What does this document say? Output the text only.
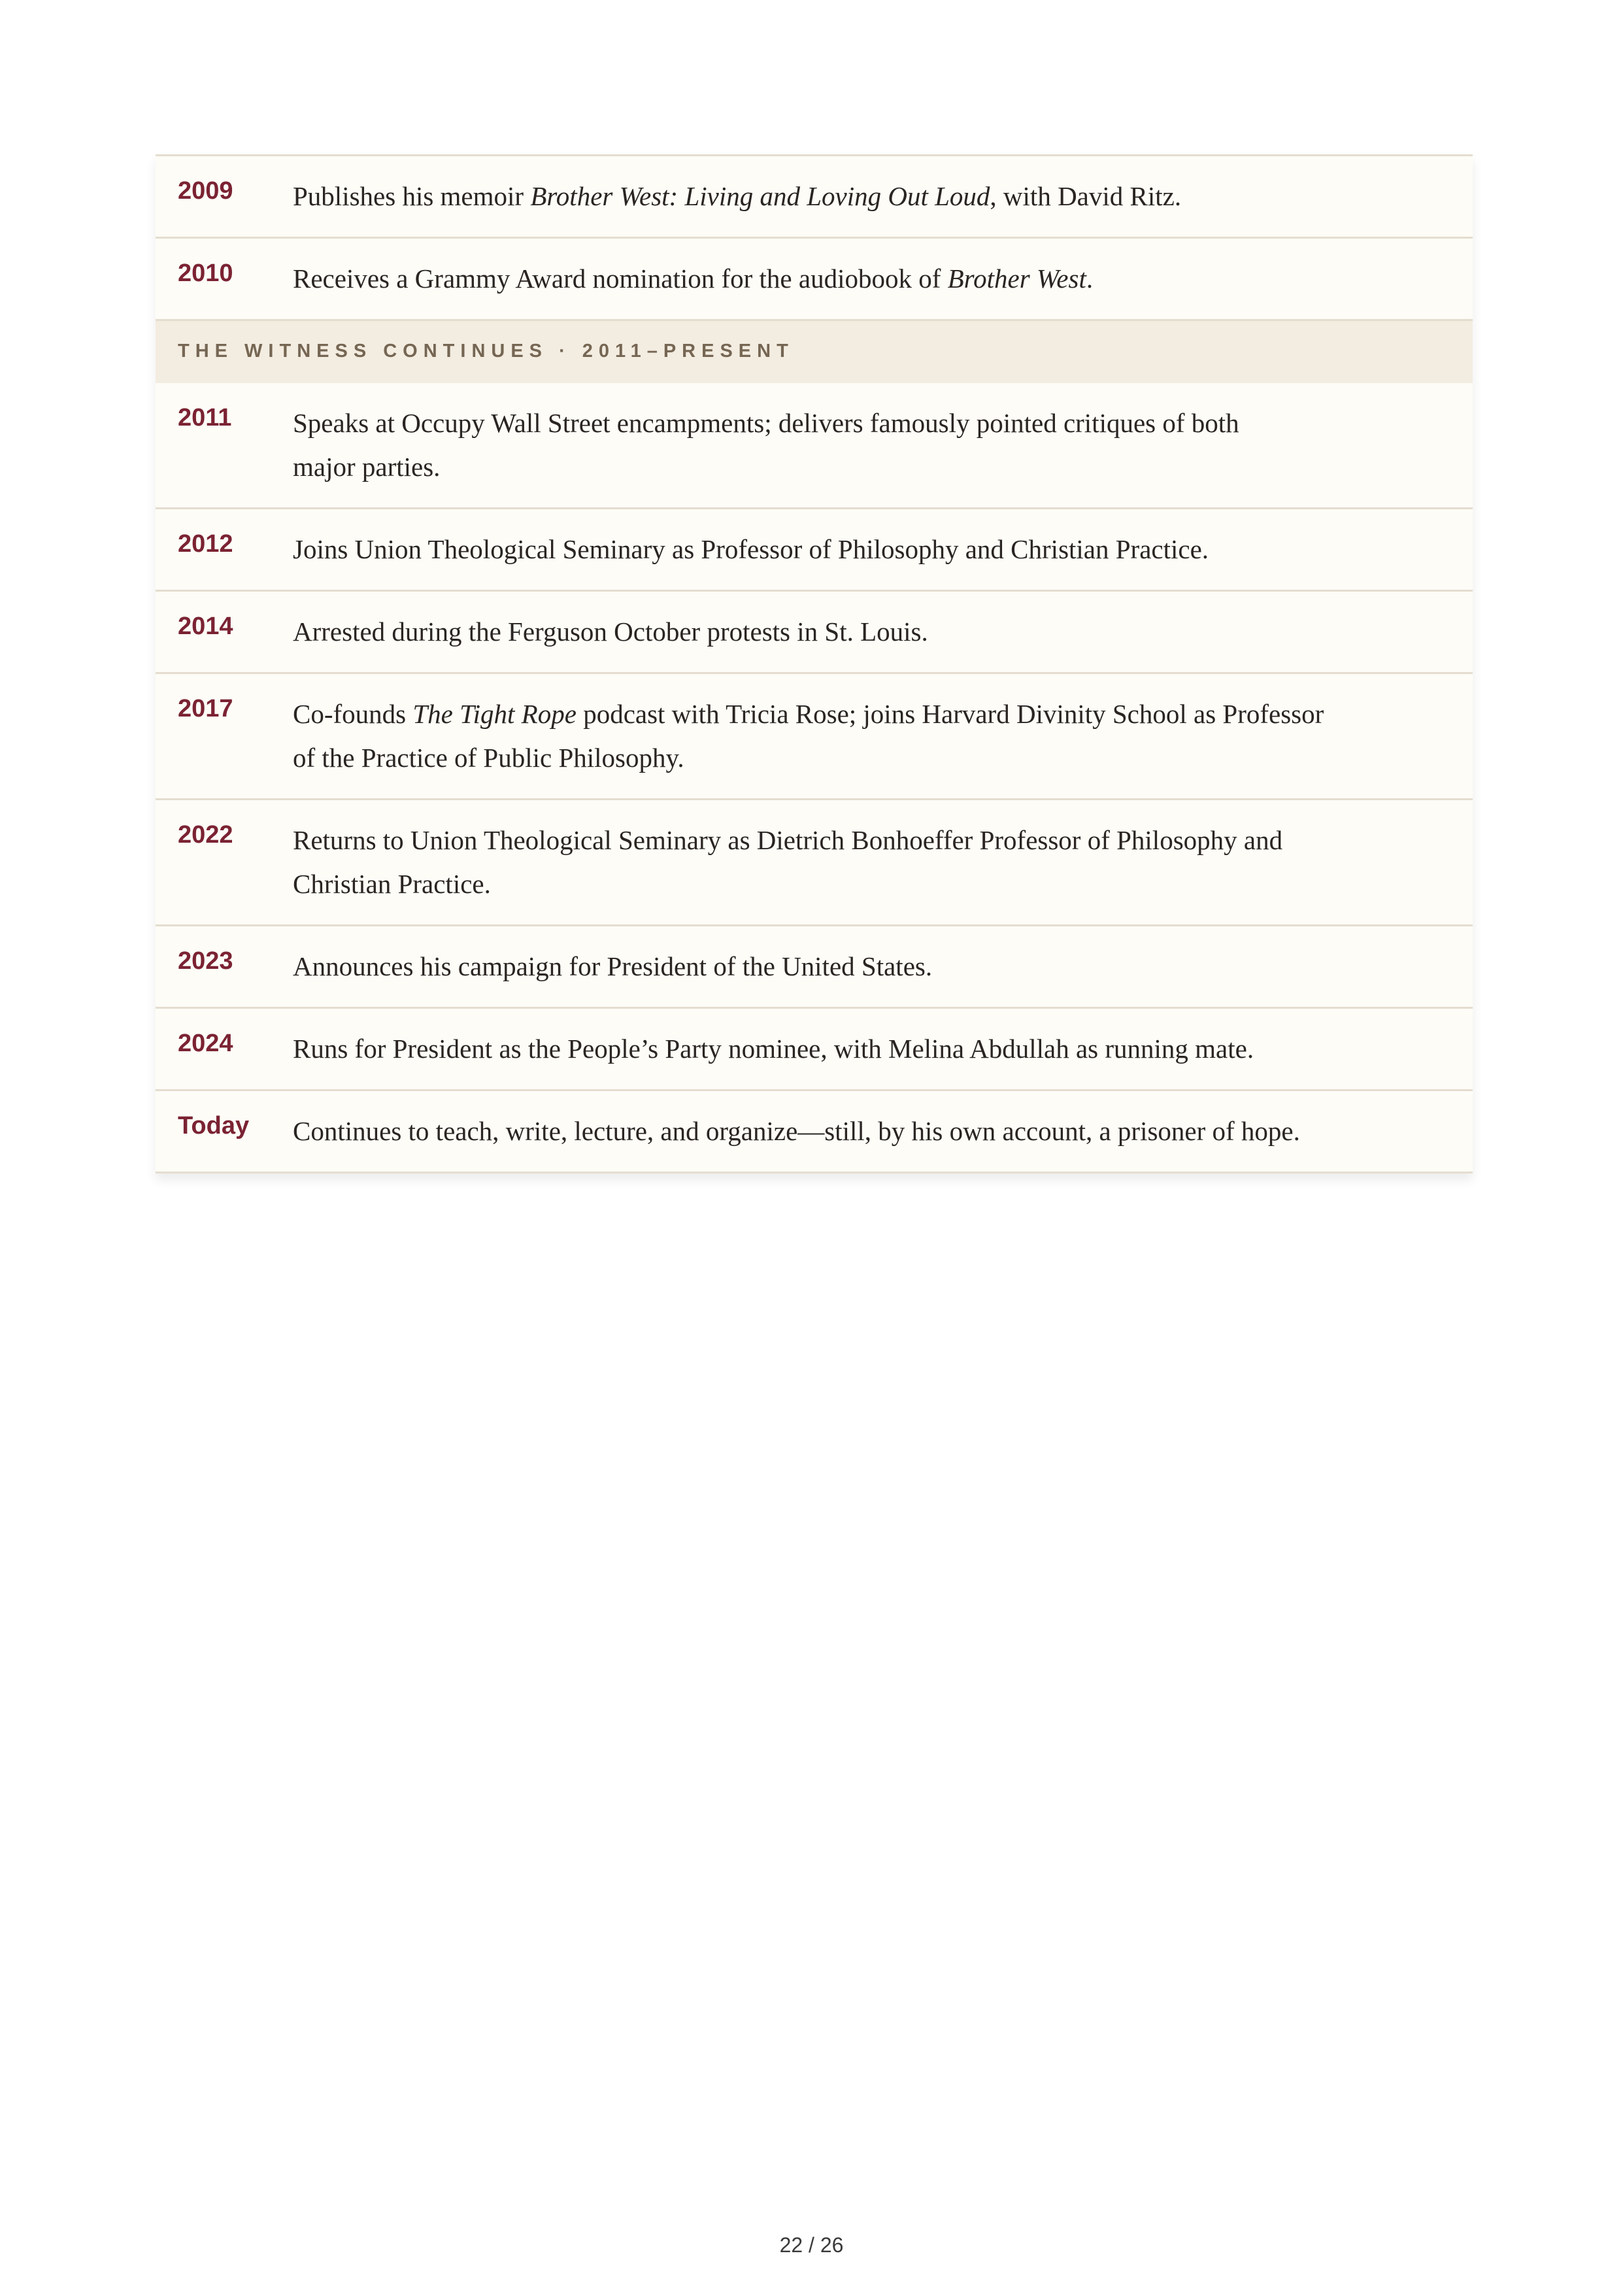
2009	Publishes his memoir Brother West: Living and Loving Out Loud, with David Ritz.
2010	Receives a Grammy Award nomination for the audiobook of Brother West.
THE WITNESS CONTINUES · 2011–PRESENT
2011	Speaks at Occupy Wall Street encampments; delivers famously pointed critiques of both
major parties.
2012	Joins Union Theological Seminary as Professor of Philosophy and Christian Practice.
2014	Arrested during the Ferguson October protests in St. Louis.
2017	Co-founds The Tight Rope podcast with Tricia Rose; joins Harvard Divinity School as Professor
of the Practice of Public Philosophy.
2022	Returns to Union Theological Seminary as Dietrich Bonhoeffer Professor of Philosophy and
Christian Practice.
2023	Announces his campaign for President of the United States.
2024	Runs for President as the People’s Party nominee, with Melina Abdullah as running mate.
Today	Continues to teach, write, lecture, and organize—still, by his own account, a prisoner of hope.
22 / 26
